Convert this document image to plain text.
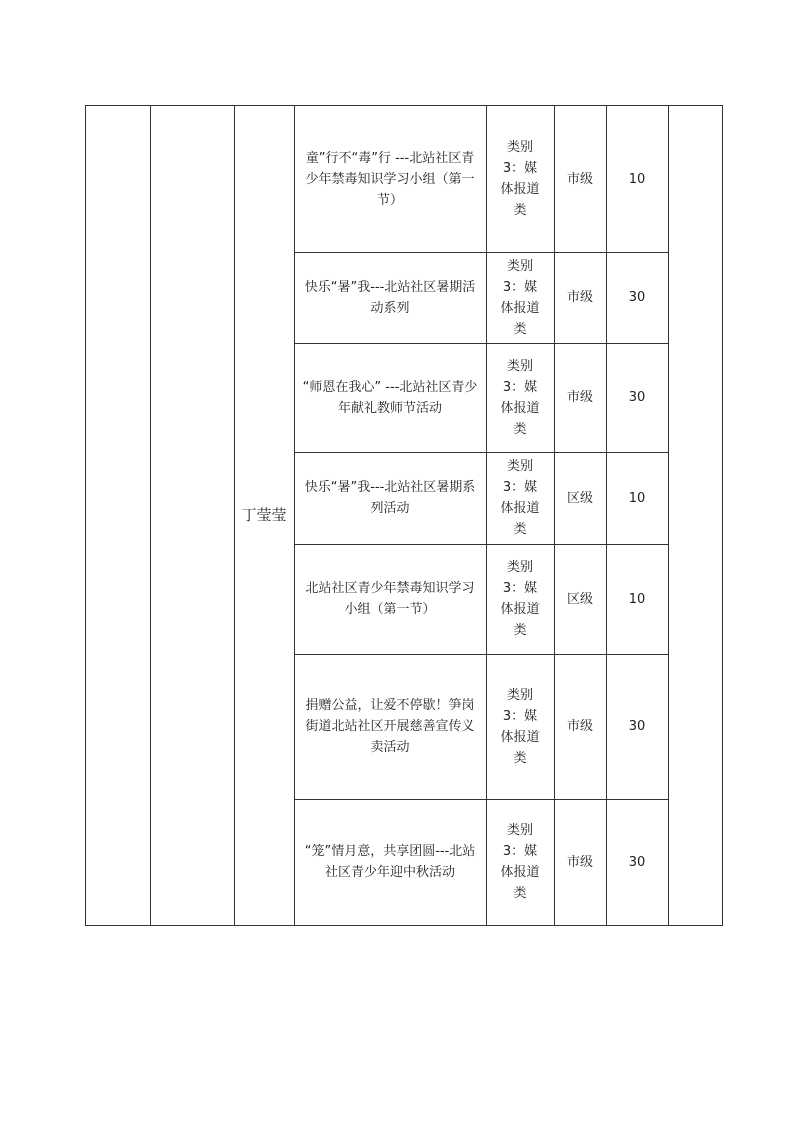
丁莹莹
童”行不“毒”行 ---北站社区青少年禁毒知识学习小组（第一节）
类别 3：媒体报道类
市级	10
快乐“暑”我---北站社区暑期活动系列
类别 3：媒体报道类
市级	30
“师恩在我心” ---北站社区青少年献礼教师节活动
类别 3：媒体报道类
市级	30
快乐“暑”我---北站社区暑期系列活动
类别 3：媒体报道类
区级	10
北站社区青少年禁毒知识学习小组（第一节）
类别 3：媒体报道类
区级	10
捐赠公益，让爱不停歇！笋岗街道北站社区开展慈善宣传义卖活动
类别 3：媒体报道类
市级	30
“笼”情月意，共享团圆---北站社区青少年迎中秋活动
类别 3：媒体报道类
市级	30
